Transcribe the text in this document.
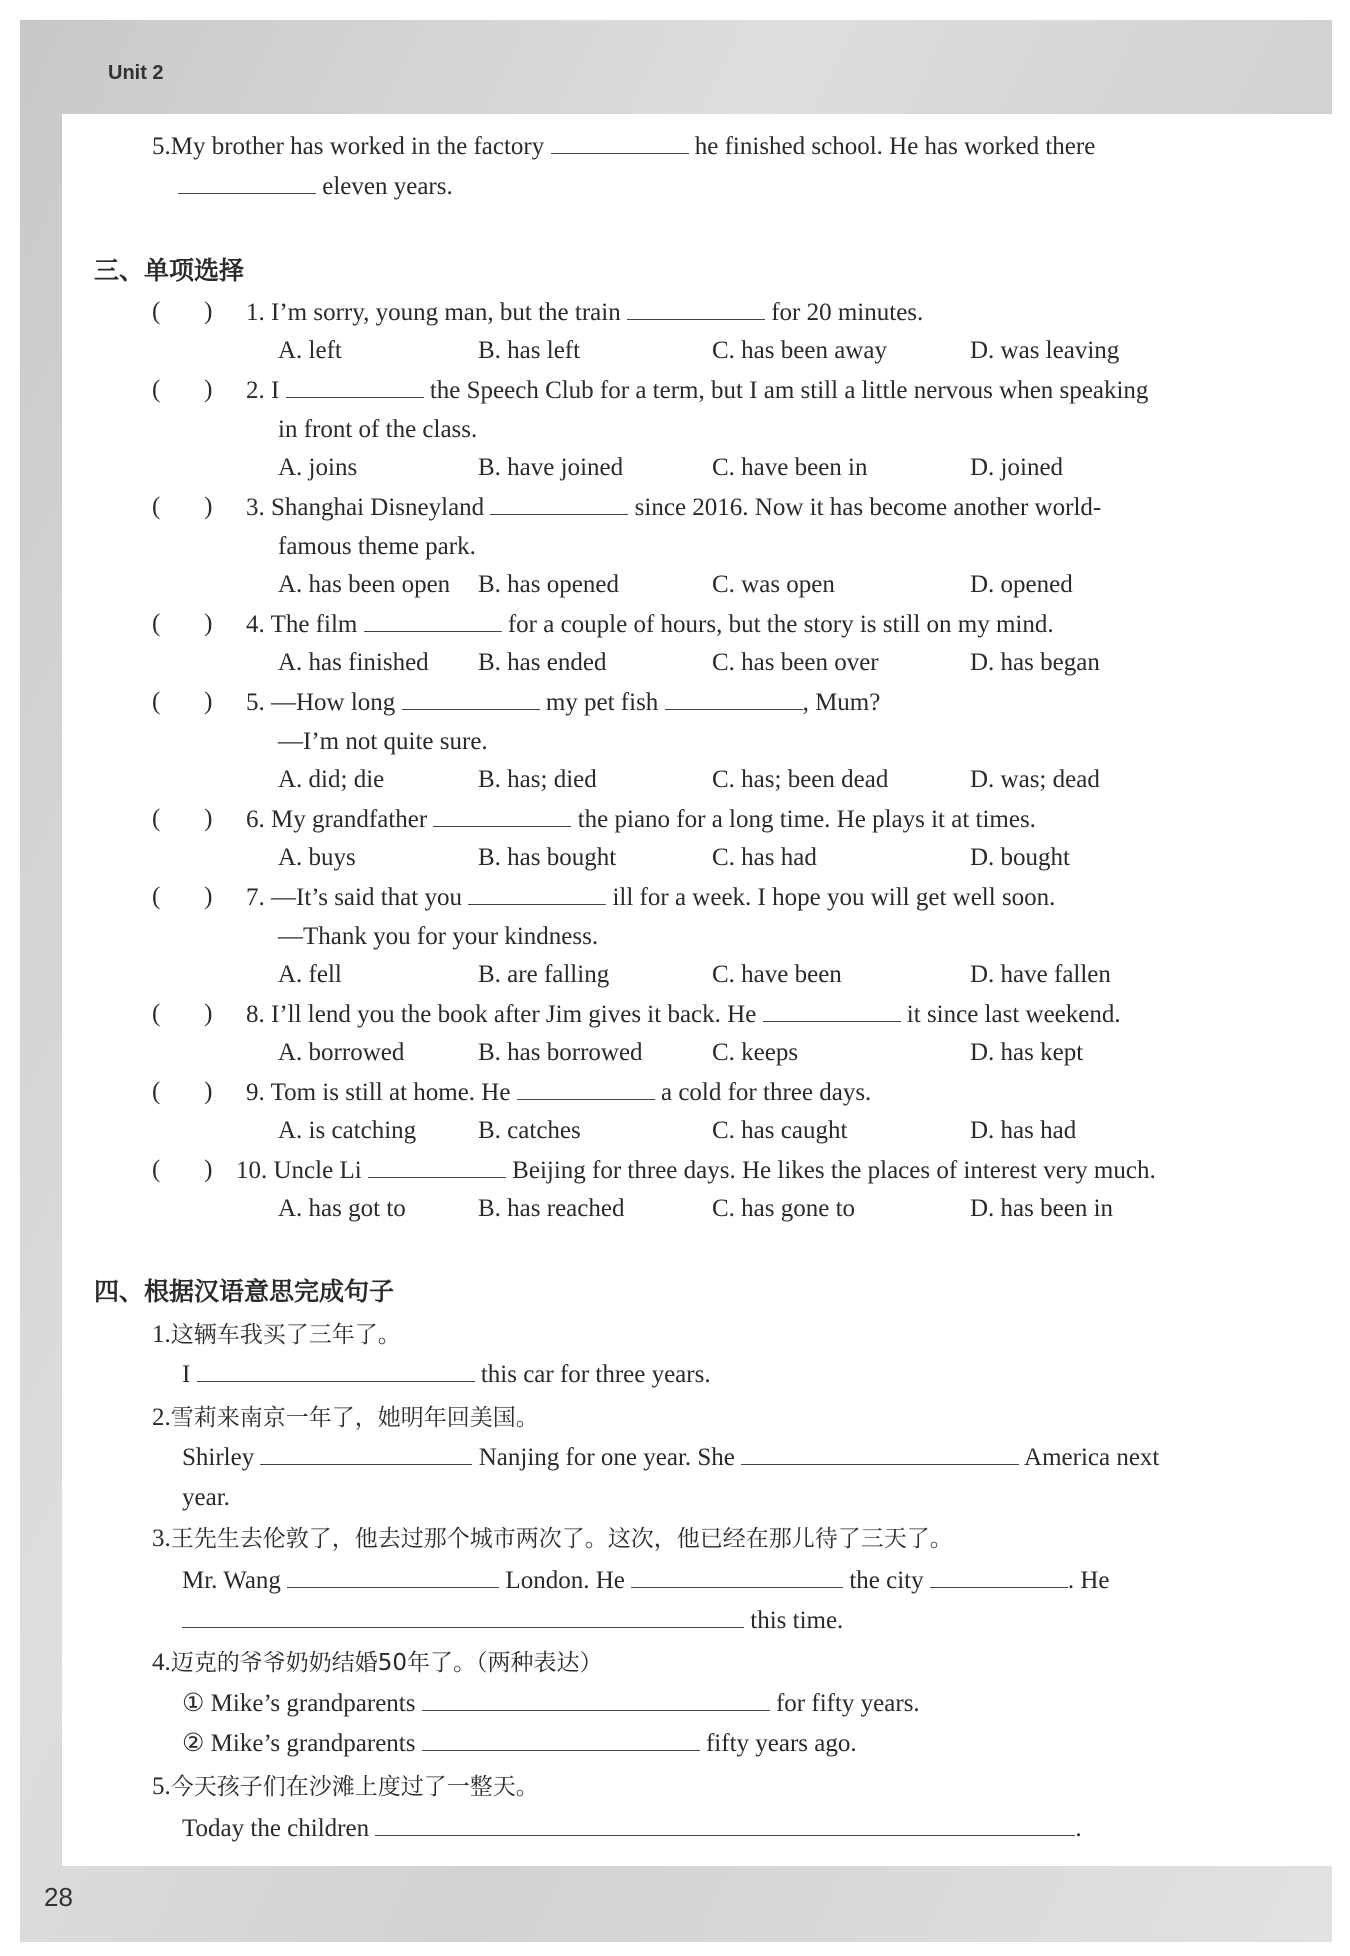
Unit 2
28
5.My brother has worked in the factory	he finished school. He has worked there
eleven years.
三、单项选择
(       ) 1. I’m sorry, young man, but the train	for 20 minutes.
A. left	B. has left	C. has been away	D. was leaving
(       ) 2. I	the Speech Club for a term, but I am still a little nervous when speaking
in front of the class.
A. joins	B. have joined	C. have been in	D. joined
(       ) 3. Shanghai Disneyland	since 2016. Now it has become another world-
famous theme park.
A. has been open B. has opened	C. was open	D. opened
(       ) 4. The film	for a couple of hours, but the story is still on my mind.
A. has finished B. has ended	C. has been over	D. has began
(       ) 5. —How long	my pet fish	, Mum?
—I’m not quite sure.
A. did; die	B. has; died	C. has; been dead	D. was; dead
(       ) 6. My grandfather	the piano for a long time. He plays it at times.
A. buys	B. has bought	C. has had	D. bought
(       ) 7. —It’s said that you	ill for a week. I hope you will get well soon.
—Thank you for your kindness.
A. fell	B. are falling	C. have been	D. have fallen
(       ) 8. I’ll lend you the book after Jim gives it back. He	it since last weekend.
A. borrowed	B. has borrowed	C. keeps	D. has kept
(       ) 9. Tom is still at home. He	a cold for three days.
A. is catching B. catches	C. has caught	D. has had
(       ) 10. Uncle Li	Beijing for three days. He likes the places of interest very much.
A. has got to	B. has reached	C. has gone to	D. has been in
四、根据汉语意思完成句子
1.这辆车我买了三年了。
I	this car for three years.
2.雪莉来南京一年了，她明年回美国。
Shirley	Nanjing for one year. She	America next
year.
3.王先生去伦敦了，他去过那个城市两次了。这次，他已经在那儿待了三天了。
Mr. Wang	London. He	the city	. He
this time.
4.迈克的爷爷奶奶结婚50年了。（两种表达）
① Mike’s grandparents	for fifty years.
② Mike’s grandparents	fifty years ago.
5.今天孩子们在沙滩上度过了一整天。
Today the children	.
